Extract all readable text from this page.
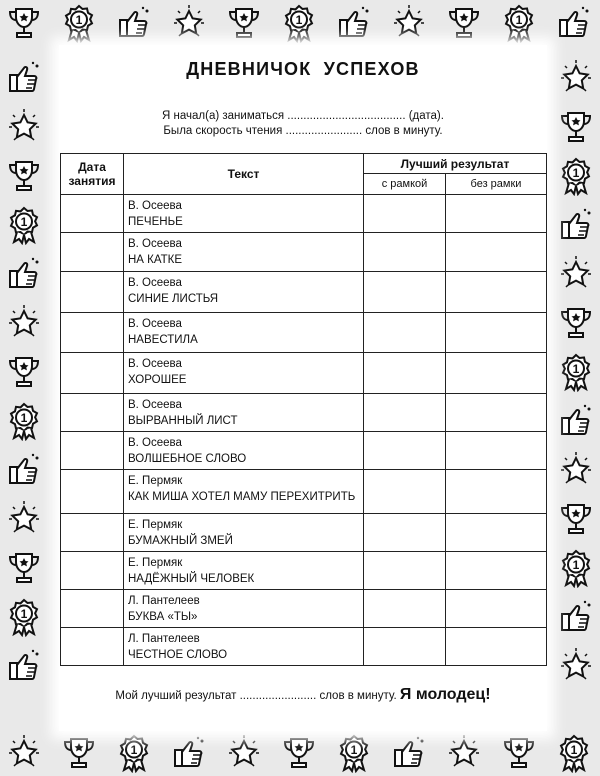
1	1	1
1	1	1
1
1
1
1
1
1
ДНЕВНИЧОК УСПЕХОВ
Я начал(а) заниматься ..................................... (дата).
Была скорость чтения ........................ слов в минуту.
Дата занятия	Текст	Лучший результат	
		с рамкой	без рамки

	В. Осеева
ПЕЧЕНЬЕ		

	В. Осеева
НА КАТКЕ		

	В. Осеева
СИНИЕ ЛИСТЬЯ		

	В. Осеева
НАВЕСТИЛА		

	В. Осеева
ХОРОШЕЕ		

	В. Осеева
ВЫРВАННЫЙ ЛИСТ		

	В. Осеева
ВОЛШЕБНОЕ СЛОВО		

	Е. Пермяк
КАК МИША ХОТЕЛ МАМУ ПЕРЕХИТРИТЬ		

	Е. Пермяк
БУМАЖНЫЙ ЗМЕЙ		

	Е. Пермяк
НАДЁЖНЫЙ ЧЕЛОВЕК		

	Л. Пантелеев
БУКВА «ТЫ»		

	Л. Пантелеев
ЧЕСТНОЕ СЛОВО		

Мой лучший результат ........................ слов в минуту. Я молодец!
